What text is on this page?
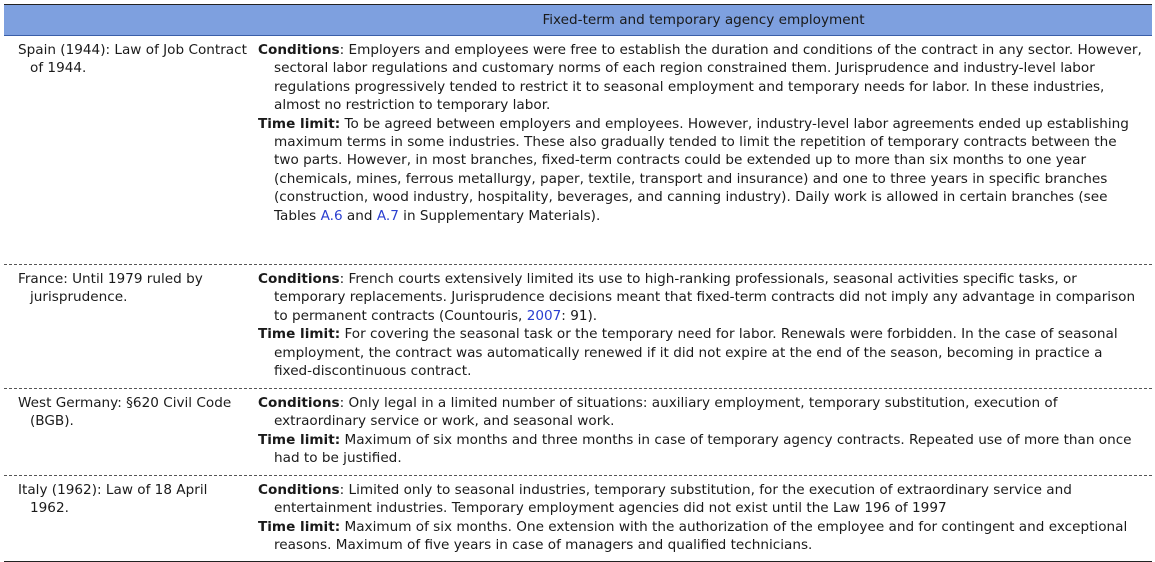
Fixed-term and temporary agency employment
Spain (1944): Law of Job Contract of 1944.

Conditions: Employers and employees were free to establish the duration and conditions of the contract in any sector. However, sectoral labor regulations and customary norms of each region constrained them. Jurisprudence and industry-level labor regulations progressively tended to restrict it to seasonal employment and temporary needs for labor. In these industries, almost no restriction to temporary labor.

Time limit: To be agreed between employers and employees. However, industry-level labor agreements ended up establishing maximum terms in some industries. These also gradually tended to limit the repetition of temporary contracts between the two parts. However, in most branches, fixed-term contracts could be extended up to more than six months to one year (chemicals, mines, ferrous metallurgy, paper, textile, transport and insurance) and one to three years in specific branches (construction, wood industry, hospitality, beverages, and canning industry). Daily work is allowed in certain branches (see Tables A.6 and A.7 in Supplementary Materials).

France: Until 1979 ruled by jurisprudence.

Conditions: French courts extensively limited its use to high-ranking professionals, seasonal activities specific tasks, or temporary replacements. Jurisprudence decisions meant that fixed-term contracts did not imply any advantage in comparison to permanent contracts (Countouris, 2007: 91).

Time limit: For covering the seasonal task or the temporary need for labor. Renewals were forbidden. In the case of seasonal employment, the contract was automatically renewed if it did not expire at the end of the season, becoming in practice a fixed-discontinuous contract.

West Germany: §620 Civil Code (BGB).

Conditions: Only legal in a limited number of situations: auxiliary employment, temporary substitution, execution of extraordinary service or work, and seasonal work.

Time limit: Maximum of six months and three months in case of temporary agency contracts. Repeated use of more than once had to be justified.

Italy (1962): Law of 18 April 1962.

Conditions: Limited only to seasonal industries, temporary substitution, for the execution of extraordinary service and entertainment industries. Temporary employment agencies did not exist until the Law 196 of 1997

Time limit: Maximum of six months. One extension with the authorization of the employee and for contingent and exceptional reasons. Maximum of five years in case of managers and qualified technicians.
